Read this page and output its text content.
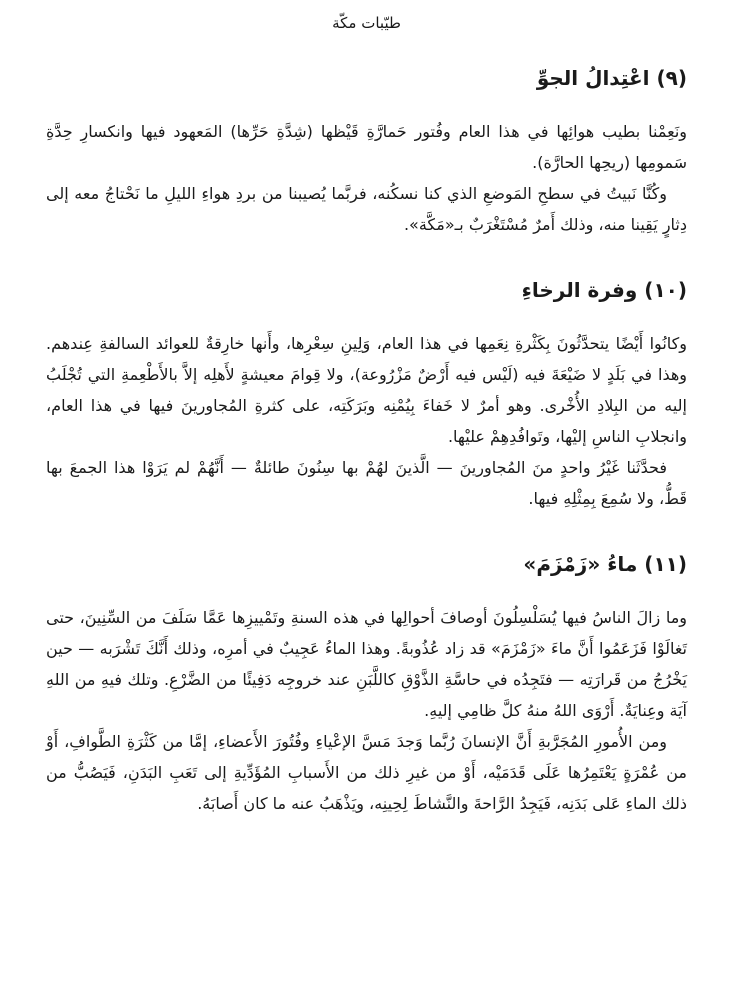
طيّبات مكّة
(٩) اعْتِدالُ الجوِّ

ونَعِمْنا بطيب هوائِها في هذا العام وفُتور حَمارَّةِ قَيْظها (شِدَّةِ حَرِّها) المَعهود فيها وانكسارِ حِدَّةِ سَمومِها (ريحِها الحارَّة).

وكُنَّا نَبيتُ في سطحِ المَوضعِ الذي كنا نسكُنه، فربَّما يُصيبنا من بردِ هواءِ الليلِ ما نَحْتاجُ معه إلى دِثارٍ يَقِينا منه، وذلك أَمرٌ مُسْتَغْرَبٌ بـ«مَكَّة».

(١٠) وفرة الرخاءِ

وكانُوا أَيْضًا يتحدَّثُونَ بِكَثْرةِ نِعَمِها في هذا العام، وَلِينِ سِعْرِها، وأَنها خارِقةٌ للعوائد السالفةِ عِندهم. وهذا في بَلَدٍ لا ضَيْعَةَ فيه (لَيْس فيه أَرْضٌ مَزْرُوعة)، ولا قِوامَ معيشةٍ لأَهلِه إلاَّ بالأَطْعِمةِ التي تُجْلَبُ إليه من البِلادِ الأُخْرى. وهو أمرٌ لا خَفاءَ بِيُمْنِه وبَرَكَتِه، على كثرةِ المُجاورينَ فيها في هذا العام، وانجلابِ الناسِ إليْها، وتَوافُدِهِمْ عليْها.

فحدَّثَنا غَيْرُ واحدٍ منَ المُجاورينَ — الَّذينَ لهُمْ بها سِنُونَ طائلةٌ — أَنَّهُمْ لم يَرَوْا هذا الجمعَ بها قَطُّ، ولا سُمِعَ بِمِثْلِهِ فيها.

(١١) ماءُ «زَمْزَمَ»

وما زالَ الناسُ فيها يُسَلْسِلُونَ أوصافَ أحوالِها في هذه السنةِ وتَمْييزِها عَمَّا سَلَفَ من السِّنِينَ، حتى تَغالَوْا فَزَعَمُوا أَنَّ ماءَ «زَمْزَمَ» قد زاد عُذُوبةً. وهذا الماءُ عَجِيبٌ في أمرِه، وذلك أَنَّكَ تَشْرَبه — حين يَخْرُجُ من قَرارَتِه — فتَجِدُه في حاسَّةِ الذَّوْقِ كاللَّبَنِ عند خروجِه دَفِيئًا من الضَّرْعِ. وتلك فيهِ من اللهِ آيَة وعِنايَةٌ. أَرْوَى اللهُ منهُ كلَّ ظامِي إليهِ.

ومن الأُمورِ المُجَرَّبةِ أَنَّ الإنسانَ رُبَّما وَجدَ مَسَّ الإعْياءِ وفُتُورَ الأَعضاءِ، إمَّا من كَثْرَةِ الطَّوافِ، أَوْ من عُمْرَةٍ يَعْتَمِرُها عَلَى قَدَمَيْه، أَوْ من غيرِ ذلك من الأَسبابِ المُؤَدِّيةِ إلى تَعَبِ البَدَنِ، فَيَصُبُّ من ذلك الماءِ عَلى بَدَنِه، فَيَجِدُ الرَّاحةَ والنَّشاطَ لِحِينِه، ويَذْهَبُ عنه ما كان أَصابَهُ.
